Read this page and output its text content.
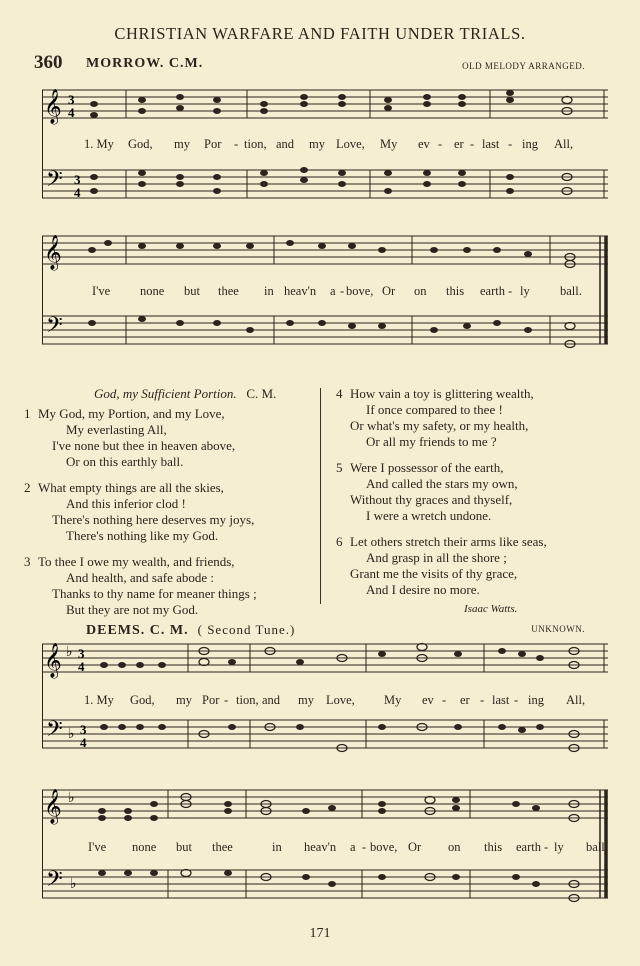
CHRISTIAN WARFARE AND FAITH UNDER TRIALS.
360 MORROW. C.M.	OLD MELODY ARRANGED.
𝄞
𝄢
3
4
3
4
1. My God, my Por - tion, and my Love, My ev - er - last - ing All,
𝄞
𝄢
I've none but thee in heav'n a - bove, Or on this earth - ly ball.

God, my Sufficient Portion. C. M.

1 My God, my Portion, and my Love,

My everlasting All,

I've none but thee in heaven above,

Or on this earthly ball.

2 What empty things are all the skies,

And this inferior clod !

There's nothing here deserves my joys,

There's nothing like my God.

3 To thee I owe my wealth, and friends,

And health, and safe abode :

Thanks to thy name for meaner things ;

But they are not my God.

4 How vain a toy is glittering wealth,

If once compared to thee !

Or what's my safety, or my health,

Or all my friends to me ?

5 Were I possessor of the earth,

And called the stars my own,

Without thy graces and thyself,

I were a wretch undone.

6 Let others stretch their arms like seas,

And grasp in all the shore ;

Grant me the visits of thy grace,

And I desire no more.

Isaac Watts.

DEEMS. C. M. ( Second Tune.)	UNKNOWN.
𝄞
𝄢
♭
♭
3
4
3
4
1. My God, my Por - tion, and my Love, My ev - er - last - ing All,
𝄞
𝄢
♭
♭
I've none but thee	in heav'n a - bove, Or on this earth - ly ball.
171
